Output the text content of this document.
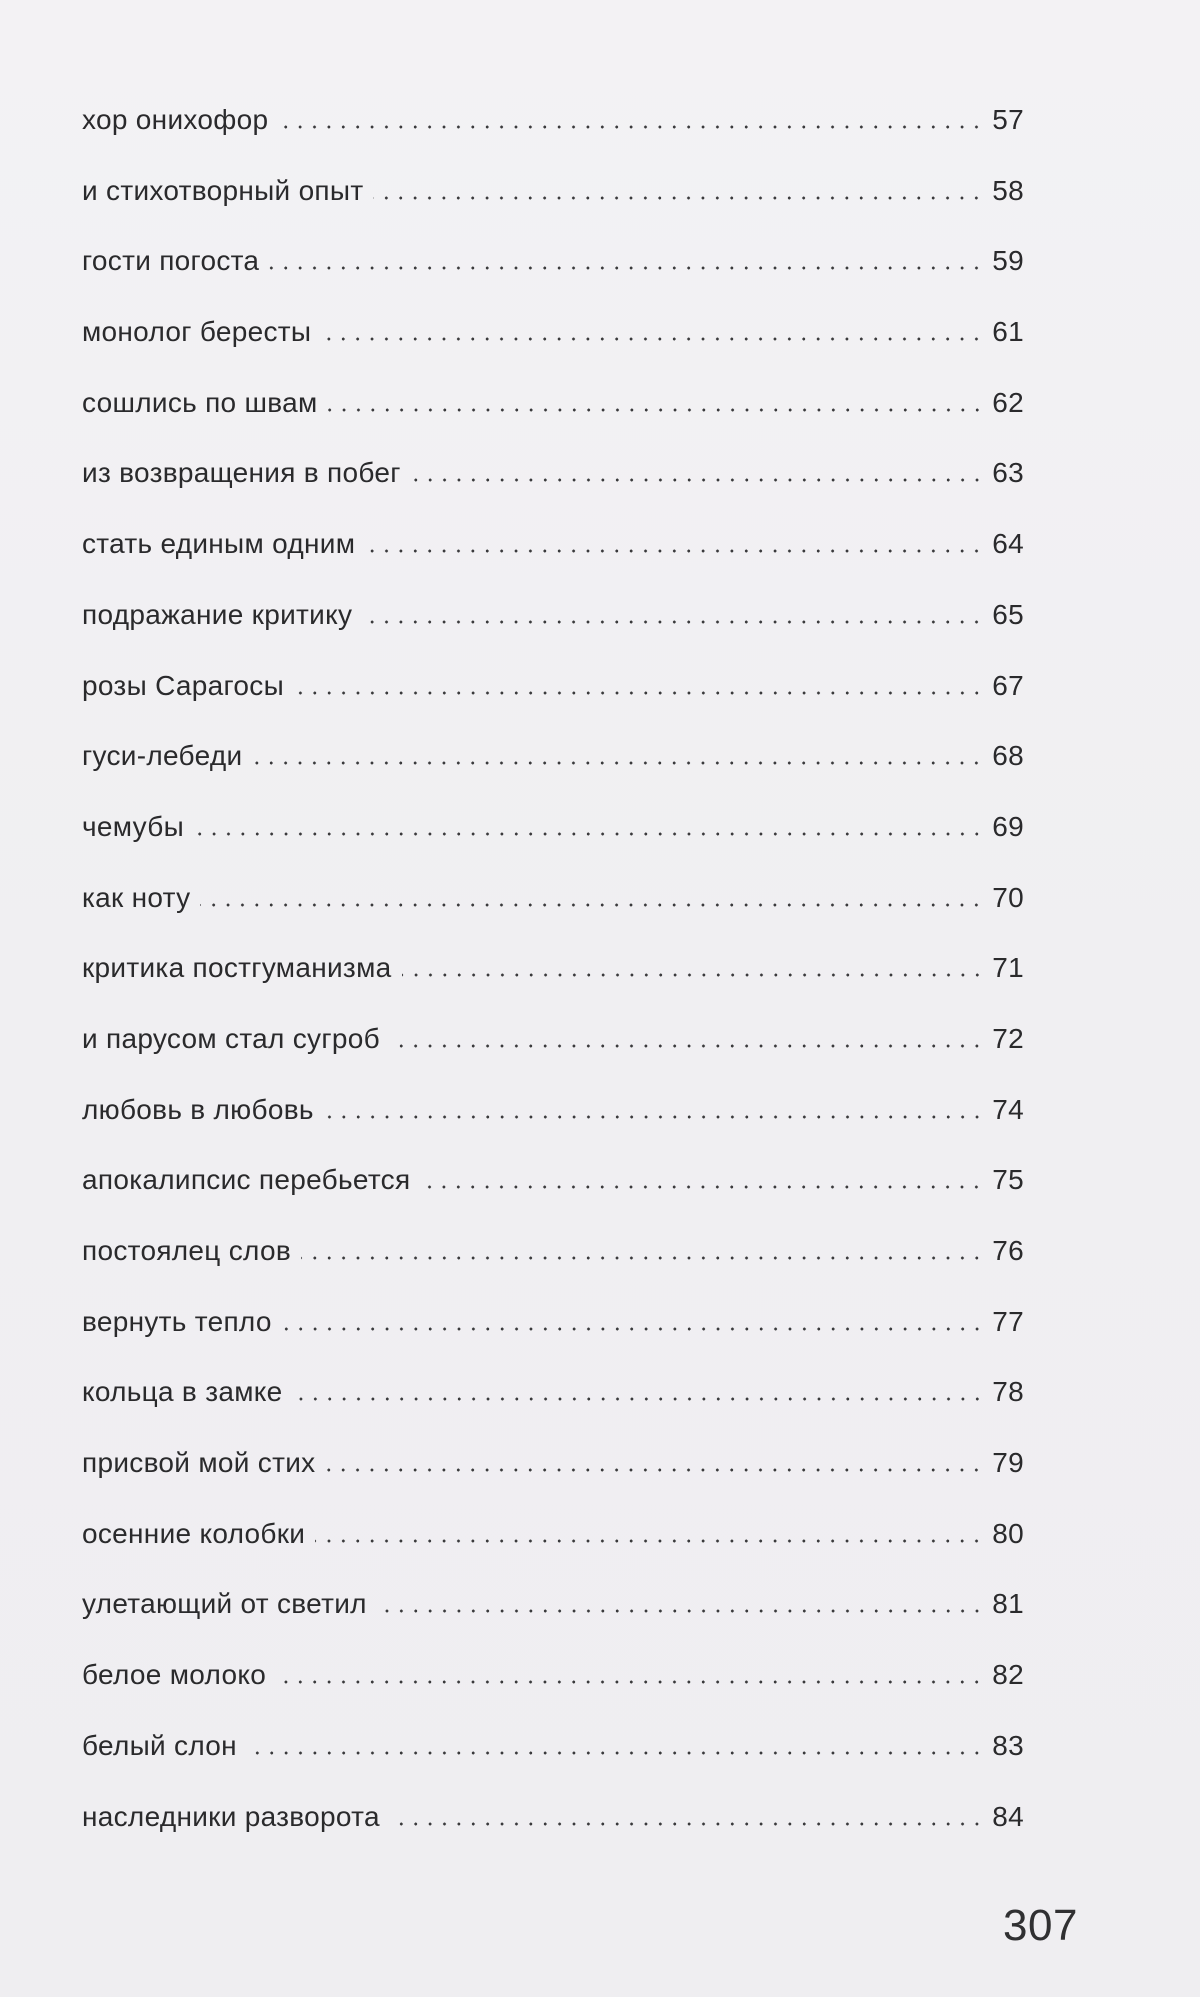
хор онихофор	57
и стихотворный опыт	58
гости погоста	59
монолог бересты	61
сошлись по швам	62
из возвращения в побег	63
стать единым одним	64
подражание критику	65
розы Сарагосы	67
гуси-лебеди	68
чемубы	69
как ноту	70
критика постгуманизма	71
и парусом стал сугроб	72
любовь в любовь	74
апокалипсис перебьется	75
постоялец слов	76
вернуть тепло	77
кольца в замке	78
присвой мой стих	79
осенние колобки	80
улетающий от светил	81
белое молоко	82
белый слон	83
наследники разворота	84
307
